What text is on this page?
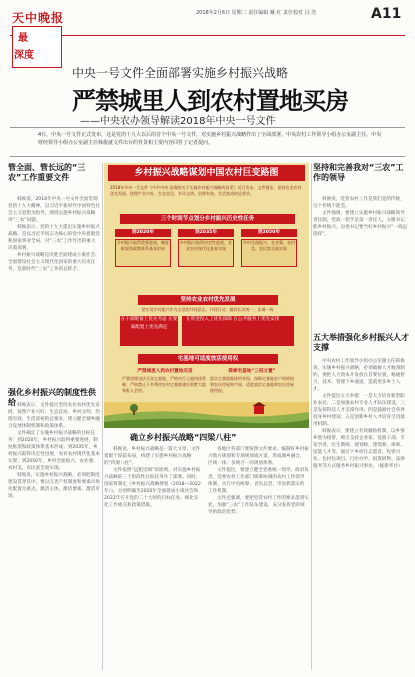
天中晚报	2018年2月6日 星期二 责任编辑 戴 红 责任校对 闫 浩	A11
最
深度
中央一号文件全面部署实施乡村振兴战略
严禁城里人到农村置地买房
——中央农办领导解读2018年中央一号文件
4日，中央一号文件正式发布。这是党的十九大以后的首个中央一号文件，对实施乡村振兴战略作出了全面部署。中央农村工作领导小组办公室副主任、中央财经领导小组办公室副主任韩俊就文件出台的背景和主要内容回答了记者提问。
管全面、管长远的“三农”工作重要文件

韩俊说，2018年中央一号文件全面贯彻党的十九大精神，以习近平新时代中国特色社会主义思想为指导，围绕实施乡村振兴战略讲“三农”问题。

韩俊表示，党的十九大提出实施乡村振兴战略，是以习近平同志为核心的党中央着眼党和国家事业全局，对“三农”工作作出的重大决策部署。

乡村振兴战略是决胜全面建成小康社会、全面建设社会主义现代化国家的重大历史任务，是新时代“三农”工作的总抓手。

强化乡村振兴的制度性供给 韩俊表示，文件提出坚持农业农村优先发展，按照产业兴旺、生态宜居、乡风文明、治理有效、生活富裕的总要求，建立健全城乡融合发展体制机制和政策体系。

文件确定了实施乡村振兴战略的目标任务：到2020年，乡村振兴取得重要进展，制度框架和政策体系基本形成；到2035年，乡村振兴取得决定性进展，农业农村现代化基本实现；到2050年，乡村全面振兴，农业强、农村美、农民富全面实现。

韩俊说，实施乡村振兴战略，必须把制度建设贯穿其中。要以完善产权制度和要素市场化配置为重点，激活主体、激活要素、激活市场。

乡村振兴战略谋划中国农村巨变路图
2018年中央一号文件《中共中央 国务院关于实施乡村振兴战略的意见》近日发布。文件提出，坚持农业农村优先发展，按照产业兴旺、生态宜居、乡风文明、治理有效、生活富裕的总要求。
三个时间节点划分乡村振兴历史性任务
到2020年	到2035年	到2050年
乡村振兴取得重要进展，制度框架和政策体系基本形成
乡村振兴取得决定性进展，农业农村现代化基本实现
乡村全面振兴，农业强、农村美、农民富全面实现
坚持农业农村优先发展
把实现乡村振兴作为全党的共同意志、共同行动，做到认识统一、步调一致
在干部配备上优先考虑 在要素配置上优先满足
在资金投入上优先保障 在公共服务上优先安排
宅基地可适度放活使用权
严禁城里人到农村置地买房	探索宅基地“三权分置”
严禁违规违法买卖宅基地，严格实行土地用途管制，严格禁止下乡利用农村宅基地建设别墅大院和私人会馆。
落实宅基地集体所有权，保障宅基地农户资格权和农民房屋财产权，适度放活宅基地和农民房屋使用权。
确立乡村振兴战略“四梁八柱”

韩俊说，乡村振兴战略是一篇大文章，文件着眼于谋篇布局，构建了实施乡村振兴战略的“四梁八柱”。

文件按照“远粗近细”的原则，对实施乡村振兴战略的三个阶段性目标任务作了部署。同时，国家将制定《乡村振兴战略规划（2018—2022年）》，分别明确至2020年全面建成小康社会和2022年召开党的二十大时的目标任务，细化实化工作重点和政策措施。

各地区各部门要按照文件要求，编制好乡村振兴地方规划和专项规划或方案，形成城乡融合、区域一体、多规合一的规划体系。

文件提出，要建立健全党委统一领导、政府负责、党委农村工作部门统筹协调的农村工作领导体制，实行中央统筹、省负总责、市县抓落实的工作机制。

文件还强调，要把党管农村工作的要求落到实处，加强“三农”工作队伍建设，充分发挥党的领导的政治优势。

坚持和完善我对“三农”工作的领导

韩俊说，党管农村工作是我们党的传统，这个传统不能丢。

文件强调，要建立实施乡村振兴战略领导责任制，党政一把手是第一责任人，五级书记抓乡村振兴。县委书记要当好乡村振兴“一线总指挥”。

五大举措强化乡村振兴人才支撑

中央农村工作领导小组办公室副主任韩俊说，实施乡村振兴战略，必须破解人才瓶颈制约。要把人力资本开发放在首要位置，畅通智力、技术、管理下乡通道，造就更多乡土人才。

文件提出五大举措：一是大力培育新型职业农民；二是加强农村专业人才队伍建设；三是发挥科技人才支撑作用；四是鼓励社会各界投身乡村建设；五是创新乡村人才培育引进使用机制。

韩俊表示，要建立有效激励机制，以乡情乡愁为纽带，吸引支持企业家、党政干部、专家学者、医生教师、规划师、建筑师、律师、技能人才等，通过下乡担任志愿者、投资兴业、包村包项目、行医办学、捐资捐物、法律服务等方式服务乡村振兴事业。（据新华社）
